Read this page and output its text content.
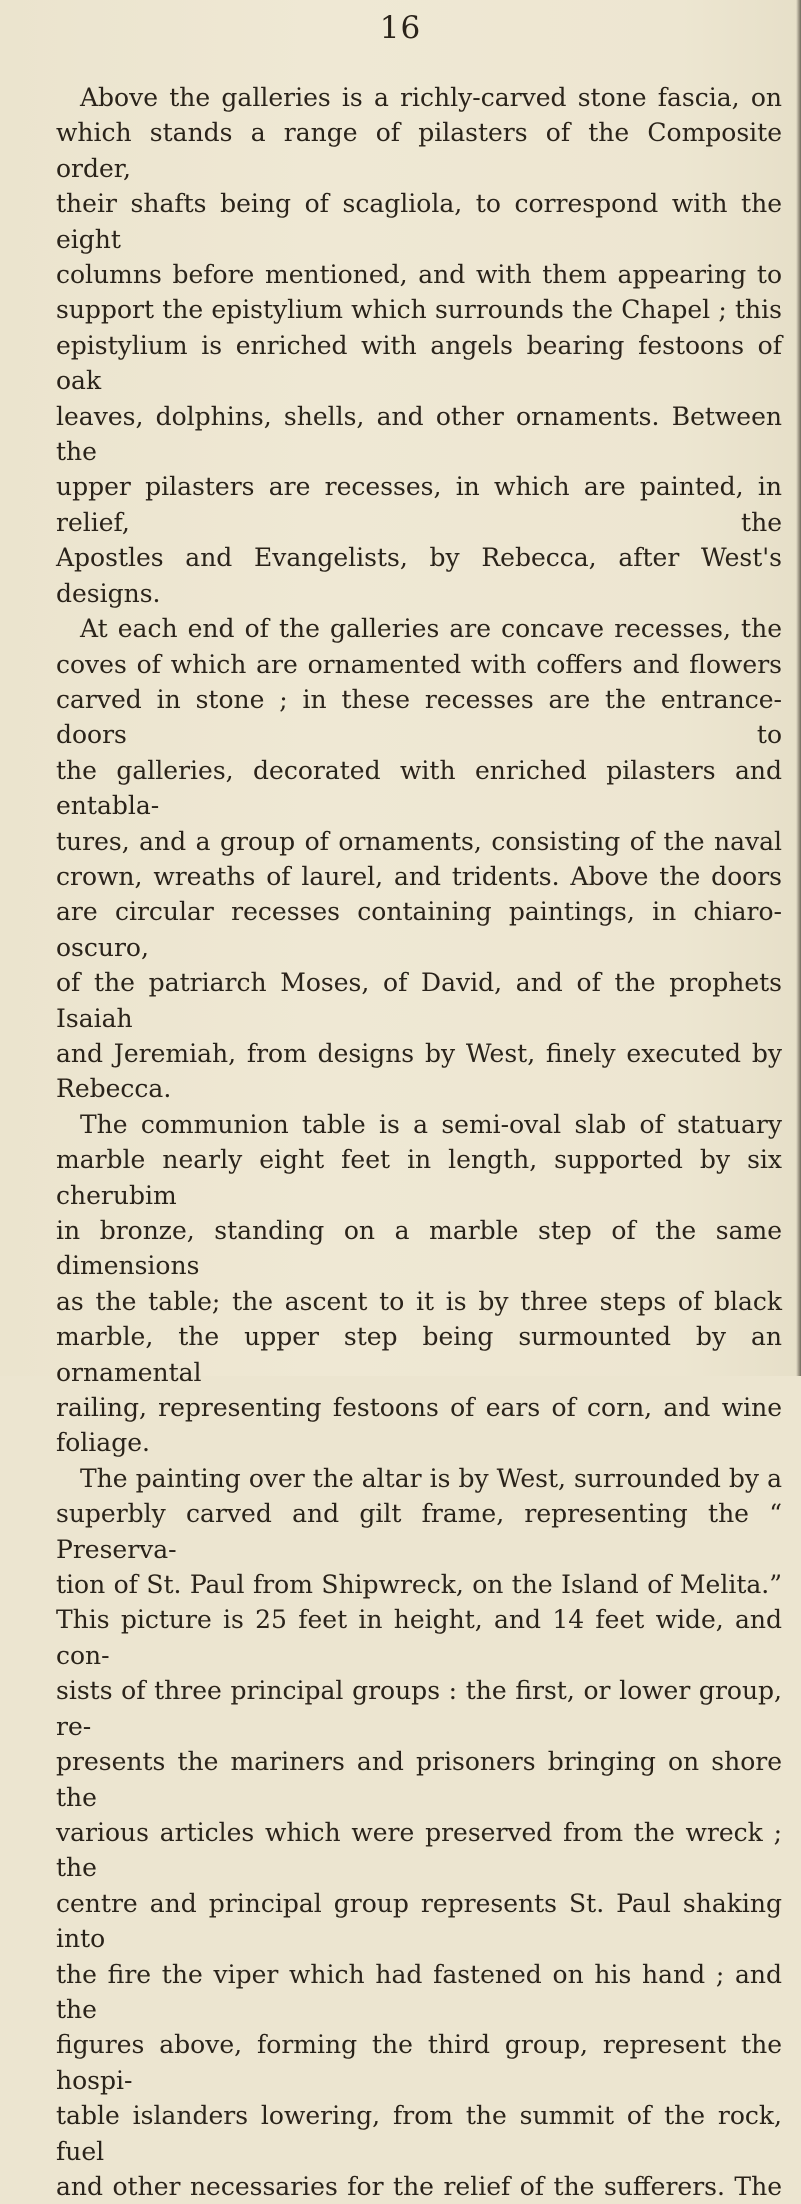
16

Above the galleries is a richly-carved stone fascia, on

which stands a range of pilasters of the Composite order,

their shafts being of scagliola, to correspond with the eight

columns before mentioned, and with them appearing to

support the epistylium which surrounds the Chapel ; this

epistylium is enriched with angels bearing festoons of oak

leaves, dolphins, shells, and other ornaments. Between the

upper pilasters are recesses, in which are painted, in relief, the

Apostles and Evangelists, by Rebecca, after West's designs.

At each end of the galleries are concave recesses, the

coves of which are ornamented with coffers and flowers

carved in stone ; in these recesses are the entrance-doors to

the galleries, decorated with enriched pilasters and entabla-

tures, and a group of ornaments, consisting of the naval

crown, wreaths of laurel, and tridents. Above the doors

are circular recesses containing paintings, in chiaro-oscuro,

of the patriarch Moses, of David, and of the prophets Isaiah

and Jeremiah, from designs by West, finely executed by

Rebecca.

The communion table is a semi-oval slab of statuary

marble nearly eight feet in length, supported by six cherubim

in bronze, standing on a marble step of the same dimensions

as the table; the ascent to it is by three steps of black

marble, the upper step being surmounted by an ornamental

railing, representing festoons of ears of corn, and wine

foliage.

The painting over the altar is by West, surrounded by a

superbly carved and gilt frame, representing the “ Preserva-

tion of St. Paul from Shipwreck, on the Island of Melita.”

This picture is 25 feet in height, and 14 feet wide, and con-

sists of three principal groups : the first, or lower group, re-

presents the mariners and prisoners bringing on shore the

various articles which were preserved from the wreck ; the

centre and principal group represents St. Paul shaking into

the fire the viper which had fastened on his hand ; and the

figures above, forming the third group, represent the hospi-

table islanders lowering, from the summit of the rock, fuel

and other necessaries for the relief of the sufferers. The
